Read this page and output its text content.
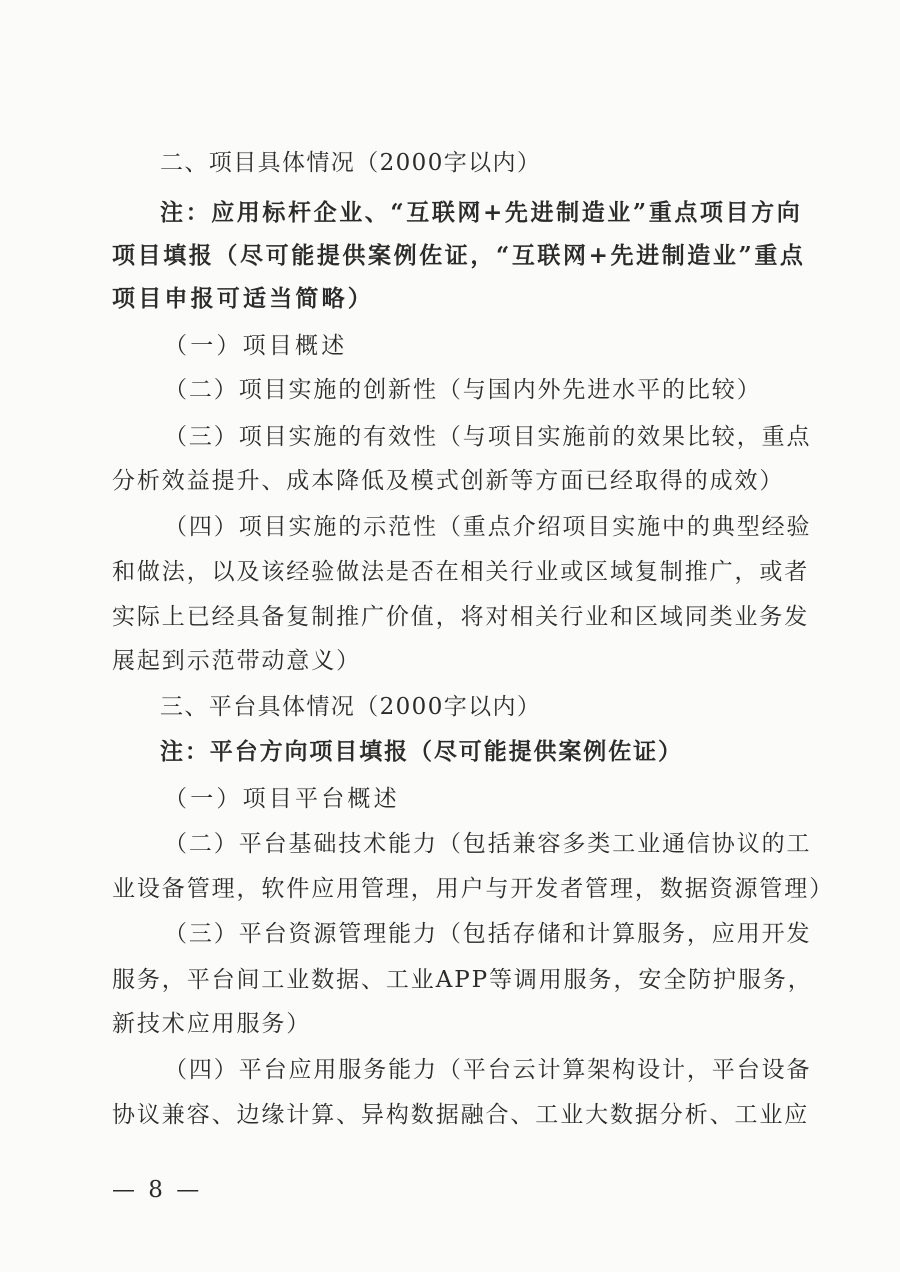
二、项目具体情况（2000字以内）
注：应用标杆企业、“互联网+先进制造业”重点项目方向
项目填报（尽可能提供案例佐证，“互联网+先进制造业”重点
项目申报可适当简略）
（一）项目概述
（二）项目实施的创新性（与国内外先进水平的比较）
（三）项目实施的有效性（与项目实施前的效果比较，重点
分析效益提升、成本降低及模式创新等方面已经取得的成效）
（四）项目实施的示范性（重点介绍项目实施中的典型经验
和做法，以及该经验做法是否在相关行业或区域复制推广，或者
实际上已经具备复制推广价值，将对相关行业和区域同类业务发
展起到示范带动意义）
三、平台具体情况（2000字以内）
注：平台方向项目填报（尽可能提供案例佐证）
（一）项目平台概述
（二）平台基础技术能力（包括兼容多类工业通信协议的工
业设备管理，软件应用管理，用户与开发者管理，数据资源管理）
（三）平台资源管理能力（包括存储和计算服务，应用开发
服务，平台间工业数据、工业APP等调用服务，安全防护服务，
新技术应用服务）
（四）平台应用服务能力（平台云计算架构设计，平台设备
协议兼容、边缘计算、异构数据融合、工业大数据分析、工业应
— 8 —
